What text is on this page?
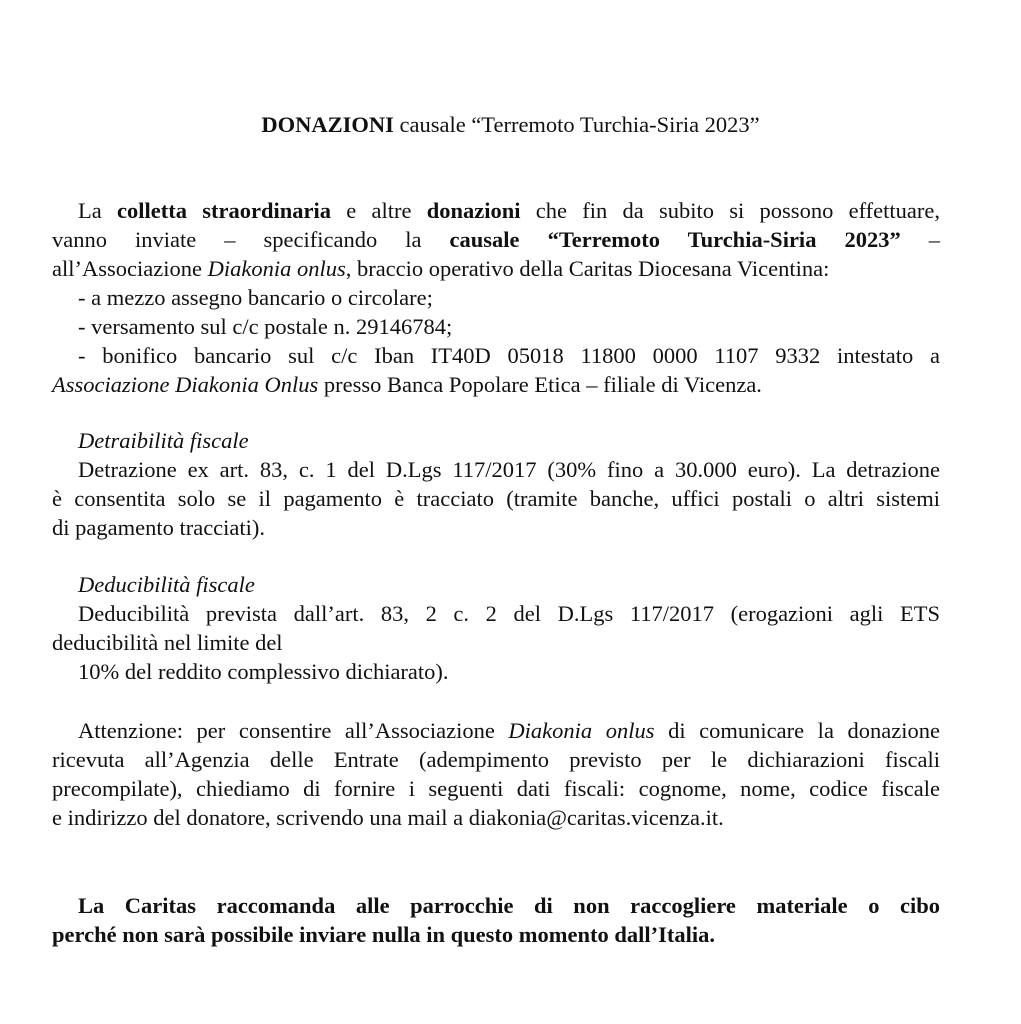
DONAZIONI causale “Terremoto Turchia-Siria 2023”
La colletta straordinaria e altre donazioni che fin da subito si possono effettuare,
vanno inviate – specificando la causale “Terremoto Turchia-Siria 2023” –
all’Associazione Diakonia onlus, braccio operativo della Caritas Diocesana Vicentina:
- a mezzo assegno bancario o circolare;
- versamento sul c/c postale n. 29146784;
- bonifico bancario sul c/c Iban IT40D 05018 11800 0000 1107 9332 intestato a
Associazione Diakonia Onlus presso Banca Popolare Etica – filiale di Vicenza.
Detraibilità fiscale
Detrazione ex art. 83, c. 1 del D.Lgs 117/2017 (30% fino a 30.000 euro). La detrazione
è consentita solo se il pagamento è tracciato (tramite banche, uffici postali o altri sistemi
di pagamento tracciati).
Deducibilità fiscale
Deducibilità prevista dall’art. 83, 2 c. 2 del D.Lgs 117/2017 (erogazioni agli ETS
deducibilità nel limite del
10% del reddito complessivo dichiarato).
Attenzione: per consentire all’Associazione Diakonia onlus di comunicare la donazione
ricevuta all’Agenzia delle Entrate (adempimento previsto per le dichiarazioni fiscali
precompilate), chiediamo di fornire i seguenti dati fiscali: cognome, nome, codice fiscale
e indirizzo del donatore, scrivendo una mail a diakonia@caritas.vicenza.it.
La Caritas raccomanda alle parrocchie di non raccogliere materiale o cibo
perché non sarà possibile inviare nulla in questo momento dall’Italia.
